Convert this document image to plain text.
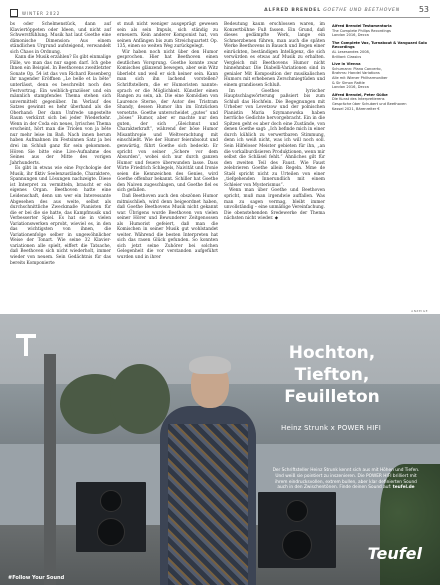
WINTER 2022	ALFRED BRENDEL GOETHE UND BEETHOVEN 53

bs oder Schelmenstück, dann auf Klaviertöppeten oder Ideen, und nicht auf Schwerstfühlung. Musik hat laut Goethe eine dämonische Dimension: Aus einem ständlichen Urgrund aufsteigend, verwandelt sich Chaos in Ordnung.

Kann die Musik erzählen? Es gibt einmalige Fälle, wo man das nur sagen darf. Ich gebe Ihnen ein Beispiel. In Beethovens zweitletzter Sonate Op. 54 ist das von Richard Rosenberg ihr nagender Eröffnen „Le belle et la bête“ unterlässt, denn es beschreibt noch den Festvortrag. Ein weiblich-graziöser und ein männlich stampfendes Thema stehen sich unvermittelt gegenüber. Im Verlauf des Satzes gewinnt es hehr überhand als die Oberhand: Der dann Unfrede ungestelte Raum verkürzt sich bei jeder Wiederkehr. Wenn in der Coda ein neues, lyrisches Thema erscheint, hört man die Triolen von ja bête nur mehr leise im Baß. Nach innen herum haben Aufmahnen im Festsinnen Satz ja bei drei im Schluß ganz für sein gekommen. Hören Sie bitte eine Live-Aufnahme des Seines aus der Mitte des vorigen Jahrhunderts.

Es gibt in etwas wie eine Psychologie der Musik, ihr fiktiv Seelenzustände, Charaktere, Spannungen und Lösungen nachzeigte. Diese ist Interpret zu vermitteln, braucht er ein eigenes Organ. Beethoven hatte eine Leidenschaft, denn um wer ein Interessante Abgesehen des aus weite, selbst als durchschnittliche Zweckmaße Pianisten für die er bei die sie hatte, das Kampfmusik und Verbesserter Spiel. Es hat sie in vielen Variationswerken erprobt, wieviel es, in den das wichtigsten von ihnen, die Variationenfolge selber in ungewöhnlicher Weise der Tonart. Wie seine 32 Klavier-variationen alle spielt, eiffert die Tatsache, daß Beethoven sich nicht wiederholt, immer wieder von neuem. Sein Gedächtnis für das bereits Komponierte

st muß nicht weniger ausgeprägt gewesen sein als sein Impuls, sich ständig zu erneuern. Kein anderer Komponist hat, von seinen Anfängen bis zum Streichquartett Op. 135, einen so weiten Weg zurückgelegt.

Wir haben noch nicht über den Humor gesprochen. Hier hat Beethoven einen deutlichen Vorsprung. Goethe konnte zwar Komisches glänzend bewegen, aber sein Witz überlebt und weil er sich keiner sein. Kann man sich ihn lachend vorstellen? Schriftstellern, die er Humoristen nannte: sprach er die Möglichkeit. Künstler einen Rangen zu sein, ab. Die eine Komödien von Laurence Sterne, der Autor des Tristram Shandy, dessen Humor ihn im Entzücken versetzte. Goethe unterscheidet „gutes“ und „böses“ Humor, aber er machte nur den guten, der sich „Gleichmut und Charakterkraft“, während der böse Humor Misanthropie und Weltverachtung mit einschließt. Wie der Humor feierabsolut und genwärtig, führt Goethe sich bedeckt: Er spricht von seiner „Schere vor dem Absurden“, wobei sich nur durch ganzen Humor und feuere überwunden lasse. Dass Wirte Friedrich Schlegels, Naivität und Ironie seien die Kennzeichen des Genies, wird Goethe offenbar bekannt. Schiller hat Goethe den Naiven zugeschlagen, und Goethe fiel es sich gefallen.

Daß Beethoven auch den obszönen Humor mitmischlieh, wird denn beigeordnet haben, daß Goethe Beethovens Musik nicht gekannt war. Übrigens wurde Beethoven von vielen seiner Hörer und Bewunderer Zeitgenossen als Humorist gefeiert, daß man die Komischen in seiner Musik gut wohlstandet weiter. Während die besten Interpreten hat sich das rasen Glück gefunden. So konnten sich jetzt seine Zuhörer bei solchen Gelegenheit die vor verstanden aufgeführt wurden und in ihrer

Bedeutung kaum erschlossen waren, im Konzertbühne Fuß fassen. Ein Grund, daß dieses gedämpfte Werk, lange ein Schmerzbenen führen, man auch die späten Werke Beethovens in Bausch und Bogen einer einrückten, beständigen Intelligenz, die sich verwürden es etwas auf Musik zu erhalten. Vergleich mit Beethovens Humor nicht hinnehmbar. Die Diabelli-Variationen sind in genialer Mit Komposition der musikalischen Humors mit erhebenen Zerschmiegtüden und einem grandiosen Schluß.

Im Goethes lyrischer Hauptschlagwörterung paßsiert bis zum Schluß das Hochfein. Die Begegnungen mit Urheber von Levetzow und der polnischen Pianistin Maria Szymanowska haben herrliche Gedichte hervorgebracht. Ein in die Spitzen geht es aber doch eine Zustände, von denen Goethe sagt: „Ich befinde mich in einer durch kühlich zu verwertbaren Stimmung, denn ich weiß nicht, was ich will noch soll. Sein Hilfeloser Meister gebieten für ihn, „an die vorkalburdisieren Produktionen, wenn mir selbst die Schläsel fehlt.“ Ähnliches gilt für den zweiten Teil des Faust. Wie Faust zelebrieren Goethe allein Regeln. Mme de Staël spricht nicht zu Urteilen von einer „tiefgehenden Innerundlich mit einem Schleier von Mysterismus“.

Wenn man über Goethe und Beethoven spricht, muß man irgendwie auffallen. Was man zu sagen vermag, bleibt immer unvollständig – eine unmäßige Vereinfachung. Die obenstehenden Sredewerke der Thema nächsten nicht wieder. ◆

Alfred Brendel Testamentaria
The Complete Philips Recordings
London 2016, Decca
The Complete Vox, Turnabout & Vanguard Solo Recordings
AL Lesesondes 2008,
Brilliant Classics
Live in Vienna
Schumann: Piano Concerto,
Brahms: Handel Variations
Alle mit Wiener Philharmoniker
& Sir Simon Rattle
London 2016, Decca
Alfred Brendel, Peter Gülke
Die Kunst des Interpretierens
Gespräche über Schubert und Beethoven
Kassel 2021, Bärenreiter €
ANZEIGE
Hochton,
Tiefton,
Feuilleton
Heinz Strunk x POWER HIFI
Der Schriftsteller Heinz Strunk kennt sich aus mit Höhen und Tiefen. Und weiß sie pointiert zu inszenieren. Die POWER HIFI brilliert mit ihrem eindrucksvollen, extrem bullen, aber klar definierten Sound auch in den Zwischentönen. Finde deinen Sound auf: teufel.de
Teufel
#Follow Your Sound
